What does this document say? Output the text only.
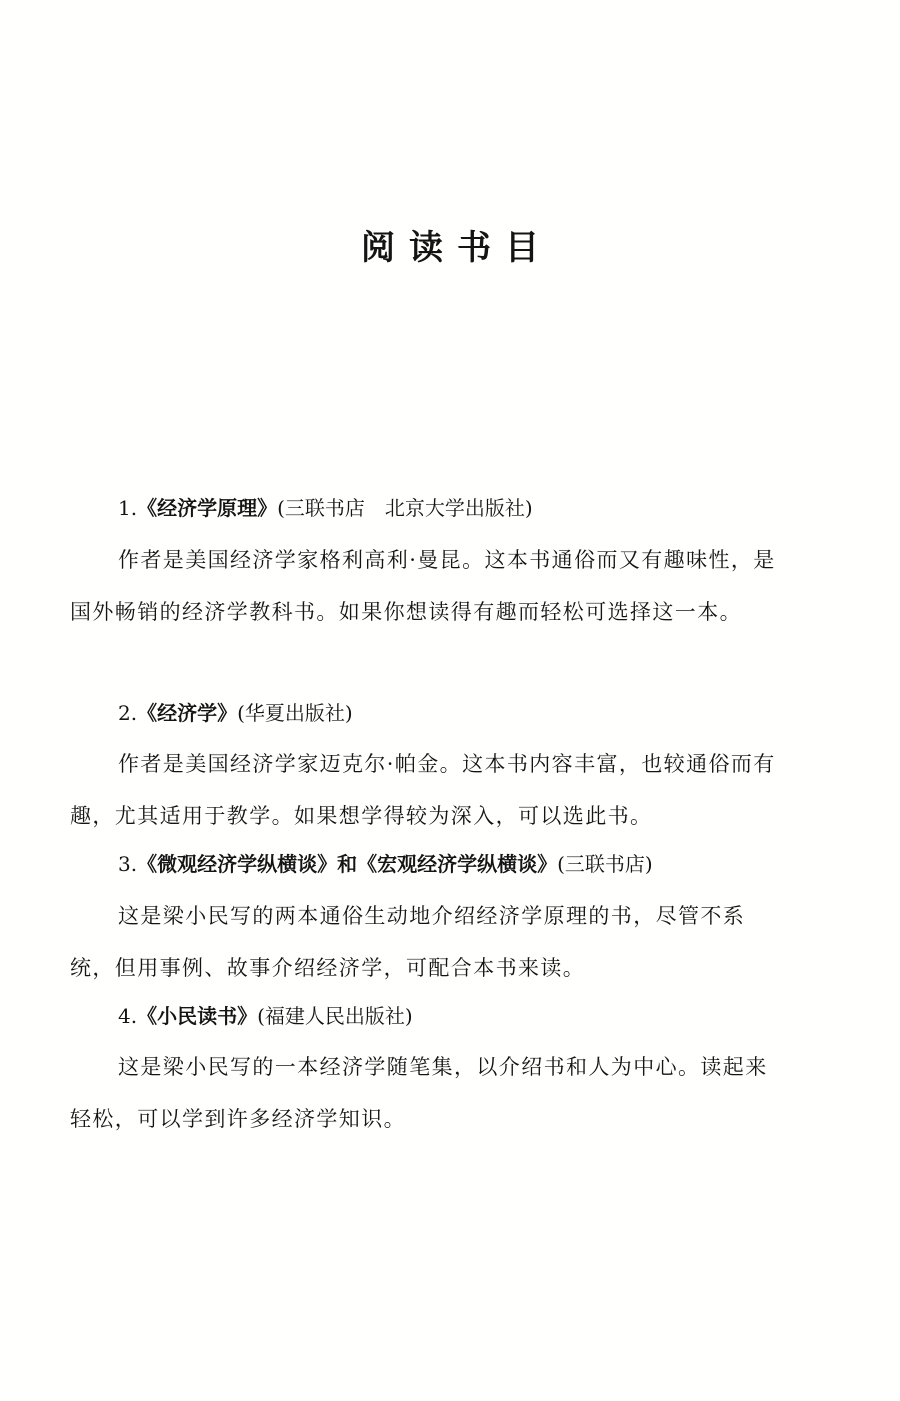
阅读书目
1.《经济学原理》(三联书店　北京大学出版社)

作者是美国经济学家格利高利·曼昆。这本书通俗而又有趣味性，是国外畅销的经济学教科书。如果你想读得有趣而轻松可选择这一本。

2.《经济学》(华夏出版社)

作者是美国经济学家迈克尔·帕金。这本书内容丰富，也较通俗而有趣，尤其适用于教学。如果想学得较为深入，可以选此书。

3.《微观经济学纵横谈》和《宏观经济学纵横谈》(三联书店)

这是梁小民写的两本通俗生动地介绍经济学原理的书，尽管不系统，但用事例、故事介绍经济学，可配合本书来读。

4.《小民读书》(福建人民出版社)

这是梁小民写的一本经济学随笔集，以介绍书和人为中心。读起来轻松，可以学到许多经济学知识。
